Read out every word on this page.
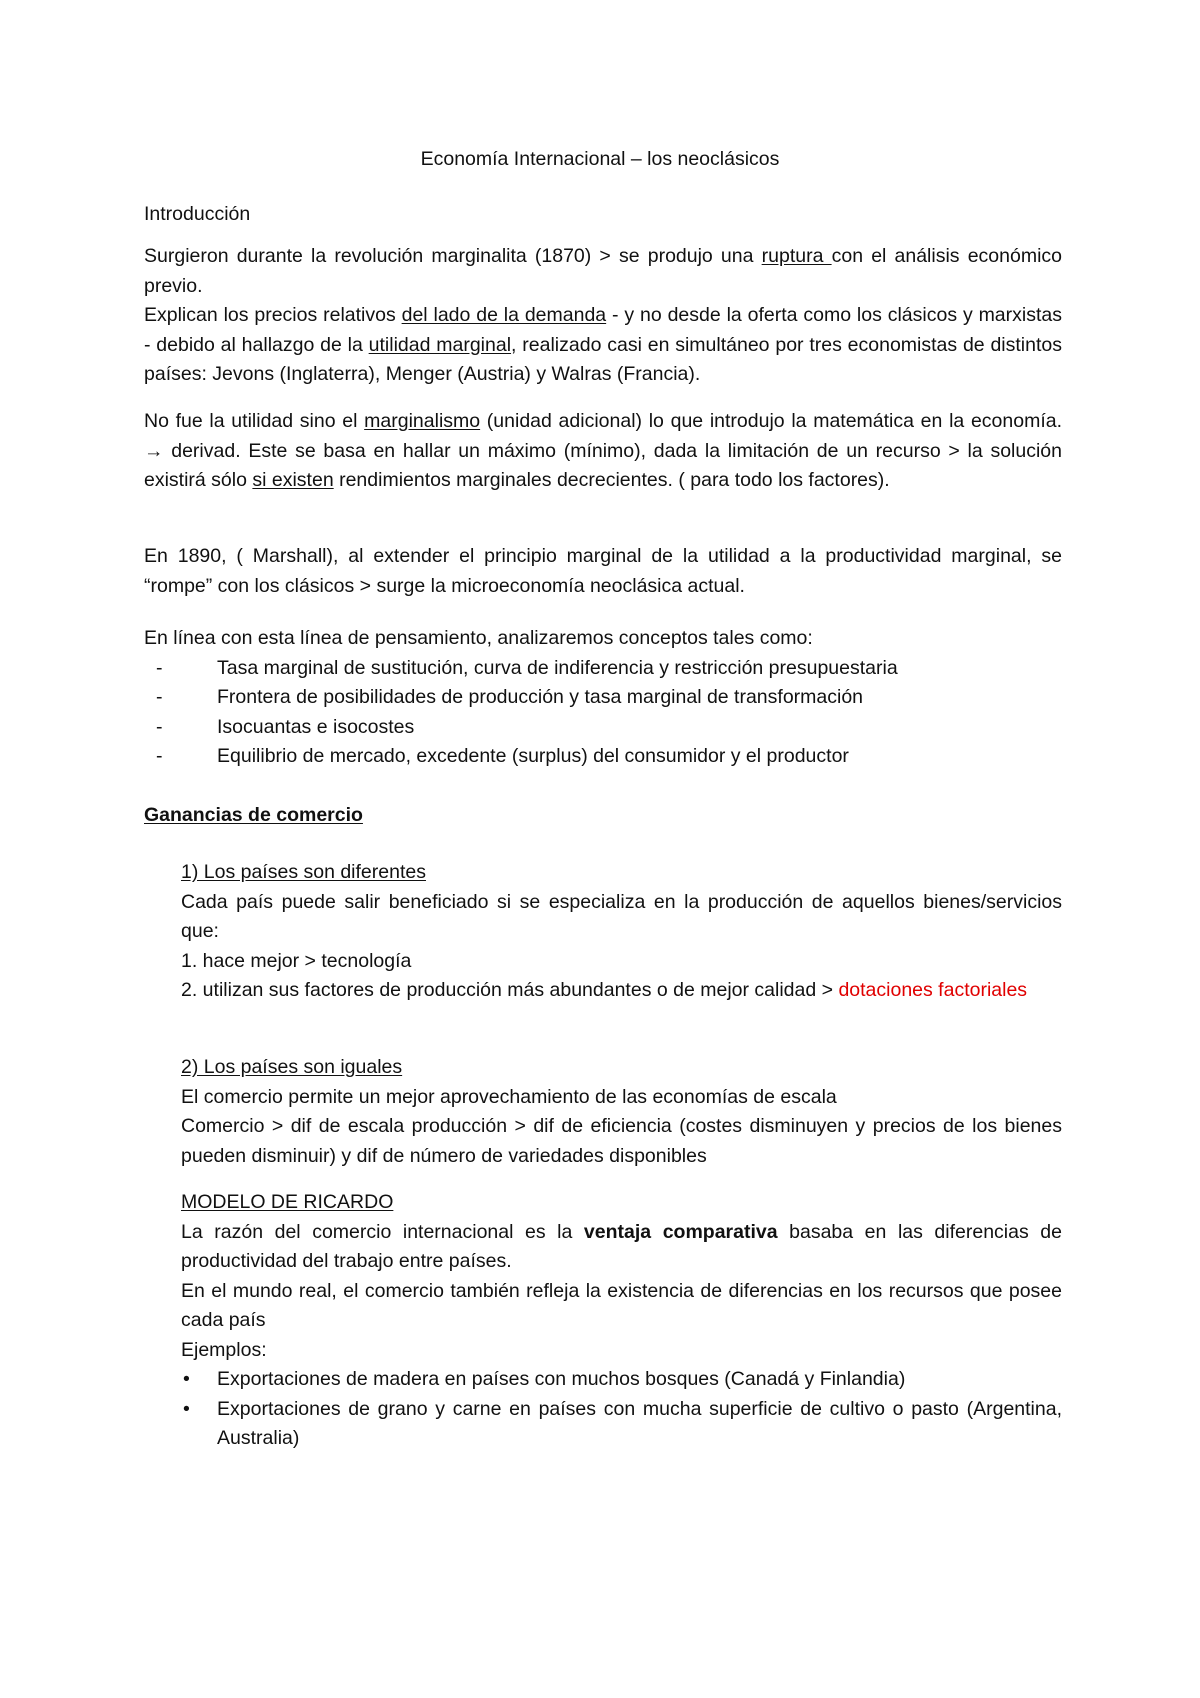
Economía Internacional – los neoclásicos
Introducción

Surgieron durante la revolución marginalita (1870) > se produjo una ruptura con el análisis económico previo.

Explican los precios relativos del lado de la demanda - y no desde la oferta como los clásicos y marxistas - debido al hallazgo de la utilidad marginal, realizado casi en simultáneo por tres economistas de distintos países: Jevons (Inglaterra), Menger (Austria) y Walras (Francia).

No fue la utilidad sino el marginalismo (unidad adicional) lo que introdujo la matemática en la economía. → derivad. Este se basa en hallar un máximo (mínimo), dada la limitación de un recurso > la solución existirá sólo si existen rendimientos marginales decrecientes. ( para todo los factores).

En 1890, ( Marshall), al extender el principio marginal de la utilidad a la productividad marginal, se “rompe” con los clásicos > surge la microeconomía neoclásica actual.

En línea con esta línea de pensamiento, analizaremos conceptos tales como:

-	Tasa marginal de sustitución, curva de indiferencia y restricción presupuestaria
-	Frontera de posibilidades de producción y tasa marginal de transformación
-	Isocuantas e isocostes
-	Equilibrio de mercado, excedente (surplus) del consumidor y el productor
Ganancias de comercio

1) Los países son diferentes

Cada país puede salir beneficiado si se especializa en la producción de aquellos bienes/servicios que:

1. hace mejor > tecnología

2. utilizan sus factores de producción más abundantes o de mejor calidad > dotaciones factoriales

2) Los países son iguales

El comercio permite un mejor aprovechamiento de las economías de escala

Comercio > dif de escala producción > dif de eficiencia (costes disminuyen y precios de los bienes pueden disminuir) y dif de número de variedades disponibles

MODELO DE RICARDO

La razón del comercio internacional es la ventaja comparativa basaba en las diferencias de productividad del trabajo entre países.

En el mundo real, el comercio también refleja la existencia de diferencias en los recursos que posee cada país

Ejemplos:

• Exportaciones de madera en países con muchos bosques (Canadá y Finlandia)
• Exportaciones de grano y carne en países con mucha superficie de cultivo o pasto (Argentina, Australia)
